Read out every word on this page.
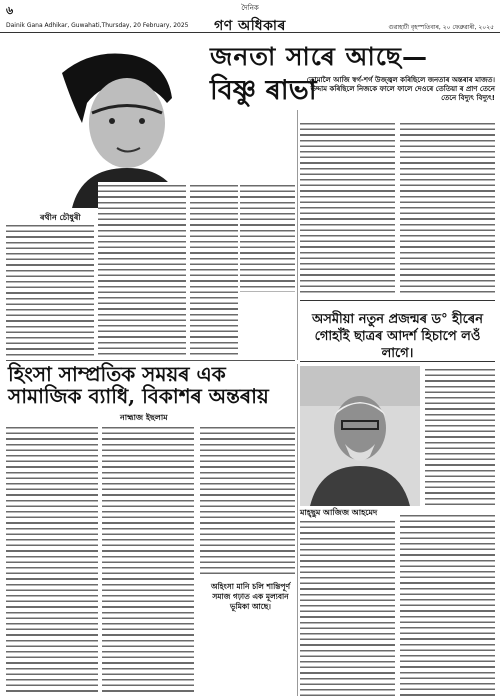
৬	দৈনিক
গণ অধিকাৰ
Dainik Gana Adhikar, Guwahati,Thursday, 20 February, 2025	গুৱাহাটী বৃহস্পতিবাৰ, ২০ ফেব্ৰুৱাৰী, ২০২৫
জনতা সাৰে আছে—
বিষ্ণু ৰাভা
তোমালৈ আজি স্বৰ্গ-শৰ্গ উজ্জ্বল কৰিছিলে জনতাৰ অন্তৰাৰ মাজত। উদ্দাম কৰিছিলে নিজকে ফালে ফালে দেওৰে তেতিয়া ৰ প্ৰাণ তেনে তেনে বিদ্যুৎ বিদ্যুৎ!
ৰথীন চৌধুৰী
অসমীয়া নতুন প্ৰজন্মৰ ড° হীৰেন গোহাঁই ছাত্ৰৰ আদৰ্শ হিচাপে লওঁ লাগে।
মাহ্ছুম আজিজ আহমেদ
হিংসা সাম্প্ৰতিক সময়ৰ এক সামাজিক ব্যাধি, বিকাশৰ অন্তৰায়
নাহ্মাজ ইছলাম
অহিংসা মানি চলি শান্তিপূৰ্ণ সমাজ গঢ়াত এক মূল্যবান ভূমিকা আছে।
